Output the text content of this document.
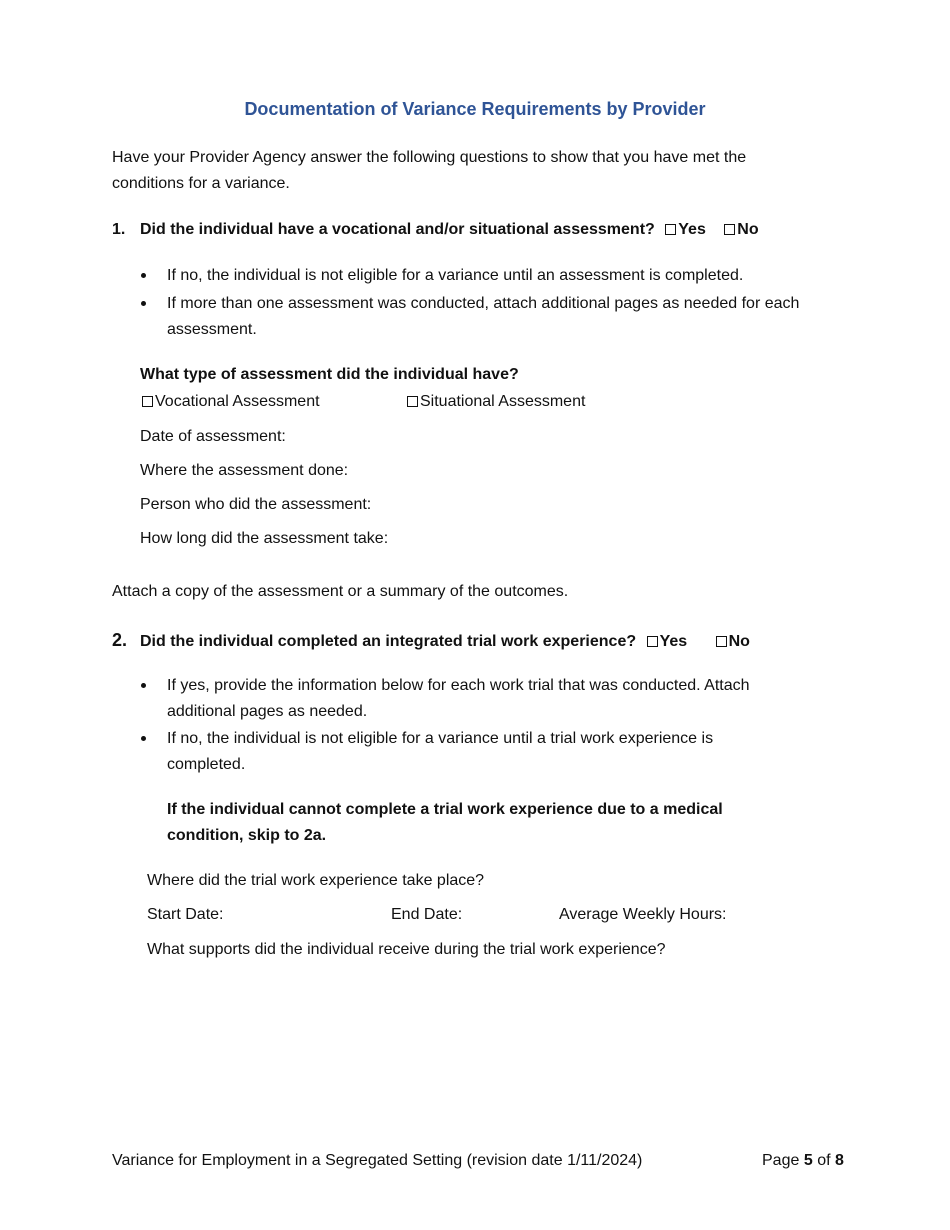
Documentation of Variance Requirements by Provider
Have your Provider Agency answer the following questions to show that you have met the
conditions for a variance.
1. Did the individual have a vocational and/or situational assessment? Yes No
If no, the individual is not eligible for a variance until an assessment is completed.
If more than one assessment was conducted, attach additional pages as needed for each
assessment.
What type of assessment did the individual have?
Vocational Assessment	Situational Assessment
Date of assessment:
Where the assessment done:
Person who did the assessment:
How long did the assessment take:
Attach a copy of the assessment or a summary of the outcomes.
2. Did the individual completed an integrated trial work experience? Yes	No
If yes, provide the information below for each work trial that was conducted. Attach
additional pages as needed.
If no, the individual is not eligible for a variance until a trial work experience is
completed.
If the individual cannot complete a trial work experience due to a medical
condition, skip to 2a.
Where did the trial work experience take place?
Start Date:	End Date:	Average Weekly Hours:
What supports did the individual receive during the trial work experience?
Variance for Employment in a Segregated Setting (revision date 1/11/2024)	Page 5 of 8
